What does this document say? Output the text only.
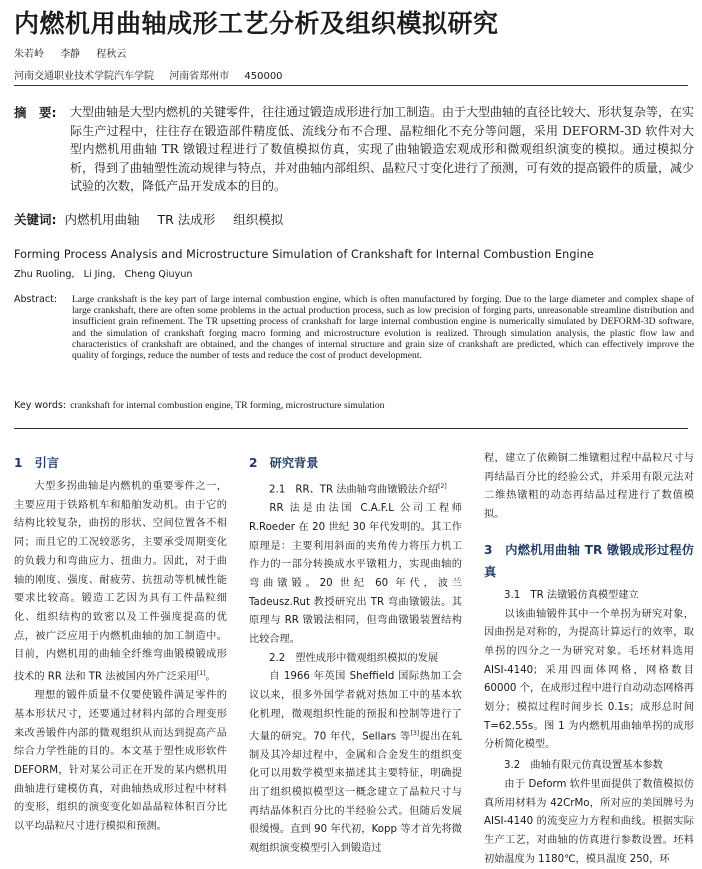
内燃机用曲轴成形工艺分析及组织模拟研究
朱若岭 李静 程秋云
河南交通职业技术学院汽车学院 河南省郑州市 450000
摘　要: 大型曲轴是大型内燃机的关键零件，往往通过锻造成形进行加工制造。由于大型曲轴的直径比较大、形状复杂等，在实际生产过程中，往往存在锻造部件精度低、流线分布不合理、晶粒细化不充分等问题，采用 DEFORM-3D 软件对大型内燃机用曲轴 TR 镦锻过程进行了数值模拟仿真，实现了曲轴锻造宏观成形和微观组织演变的模拟。通过模拟分析，得到了曲轴塑性流动规律与特点，并对曲轴内部组织、晶粒尺寸变化进行了预测，可有效的提高锻件的质量，减少试验的次数，降低产品开发成本的目的。
关键词: 内燃机用曲轴 TR 法成形 组织模拟
Forming Process Analysis and Microstructure Simulation of Crankshaft for Internal Combustion Engine
Zhu Ruoling, Li Jing, Cheng Qiuyun
Abstract: Large crankshaft is the key part of large internal combustion engine, which is often manufactured by forging. Due to the large diameter and complex shape of large crankshaft, there are often some problems in the actual production process, such as low precision of forging parts, unreasonable streamline distribution and insufficient grain refinement. The TR upsetting process of crankshaft for large internal combustion engine is numerically simulated by DEFORM-3D software, and the simulation of crankshaft forging macro forming and microstructure evolution is realized. Through simulation analysis, the plastic flow law and characteristics of crankshaft are obtained, and the changes of internal structure and grain size of crankshaft are predicted, which can effectively improve the quality of forgings, reduce the number of tests and reduce the cost of product development.
Key words: crankshaft for internal combustion engine, TR forming, microstructure simulation
1　引言

大型多拐曲轴是内燃机的重要零件之一，主要应用于铁路机车和船舶发动机。由于它的结构比较复杂，曲拐的形状、空间位置各不相同；而且它的工况较恶劣，主要承受周期变化的负载力和弯曲应力、扭曲力。因此，对于曲轴的刚度、强度、耐疲劳、抗扭动等机械性能要求比较高。锻造工艺因为具有工件晶粒细化、组织结构的致密以及工件强度提高的优点，被广泛应用于内燃机曲轴的加工制造中。目前，内燃机用的曲轴全纤维弯曲锻模锻成形技术的 RR 法和 TR 法被国内外广泛采用[1]。

理想的锻件质量不仅要使锻件满足零件的基本形状尺寸，还要通过材料内部的合理变形来改善锻件内部的微观组织从而达到提高产品综合力学性能的目的。本文基于塑性成形软件 DEFORM，针对某公司正在开发的某内燃机用曲轴进行建模仿真，对曲轴热成形过程中材料的变形，组织的演变变化如晶晶粒体积百分比以平均晶粒尺寸进行模拟和预测。

2　研究背景

2.1　RR、TR 法曲轴弯曲镦锻法介绍[2]

RR 法是由法国 C.A.F.L 公司工程师 R.Roeder 在 20 世纪 30 年代发明的。其工作原理是：主要利用斜面的夹角传力将压力机工作力的一部分转换成水平镦粗力，实现曲轴的弯曲镦锻。20 世纪 60 年代，波兰 Tadeusz.Rut 教授研究出 TR 弯曲镦锻法。其原理与 RR 镦锻法相同，但弯曲镦锻装置结构比较合理。

2.2　塑性成形中微观组织模拟的发展

自 1966 年英国 Sheffield 国际热加工会议以来，很多外国学者就对热加工中的基本软化机理，微观组织性能的预报和控制等进行了大量的研究。70 年代，Sellars 等[3]提出在轧制及其冷却过程中，金属和合金发生的组织变化可以用数学模型来描述其主要特征，明确提出了组织模拟模型这一概念建立了晶粒尺寸与再结晶体积百分比的半经验公式。但随后发展很缓慢。直到 90 年代初，Kopp 等才首先将微观组织演变模型引入到锻造过

程，建立了依赖铜二维镦粗过程中晶粒尺寸与再结晶百分比的经验公式，并采用有限元法对二维热镦粗的动态再结晶过程进行了数值模拟。

3　内燃机用曲轴 TR 镦锻成形过程仿真

3.1　TR 法镦锻仿真模型建立

以该曲轴锻件其中一个单拐为研究对象，因曲拐是对称的，为提高计算运行的效率，取单拐的四分之一为研究对象。毛坯材料选用 AISI-4140；采用四面体网格，网格数目 60000 个，在成形过程中进行自动动态网格再划分；模拟过程时间步长 0.1s；成形总时间 T=62.55s。图 1 为内燃机用曲轴单拐的成形分析简化模型。

3.2　曲轴有限元仿真设置基本参数

由于 Deform 软件里面提供了数值模拟仿真所用材料为 42CrMo，所对应的美国牌号为 AISI-4140 的流变应力方程和曲线。根据实际生产工艺，对曲轴的仿真进行参数设置。坯料初始温度为 1180℃，模具温度 250，环
